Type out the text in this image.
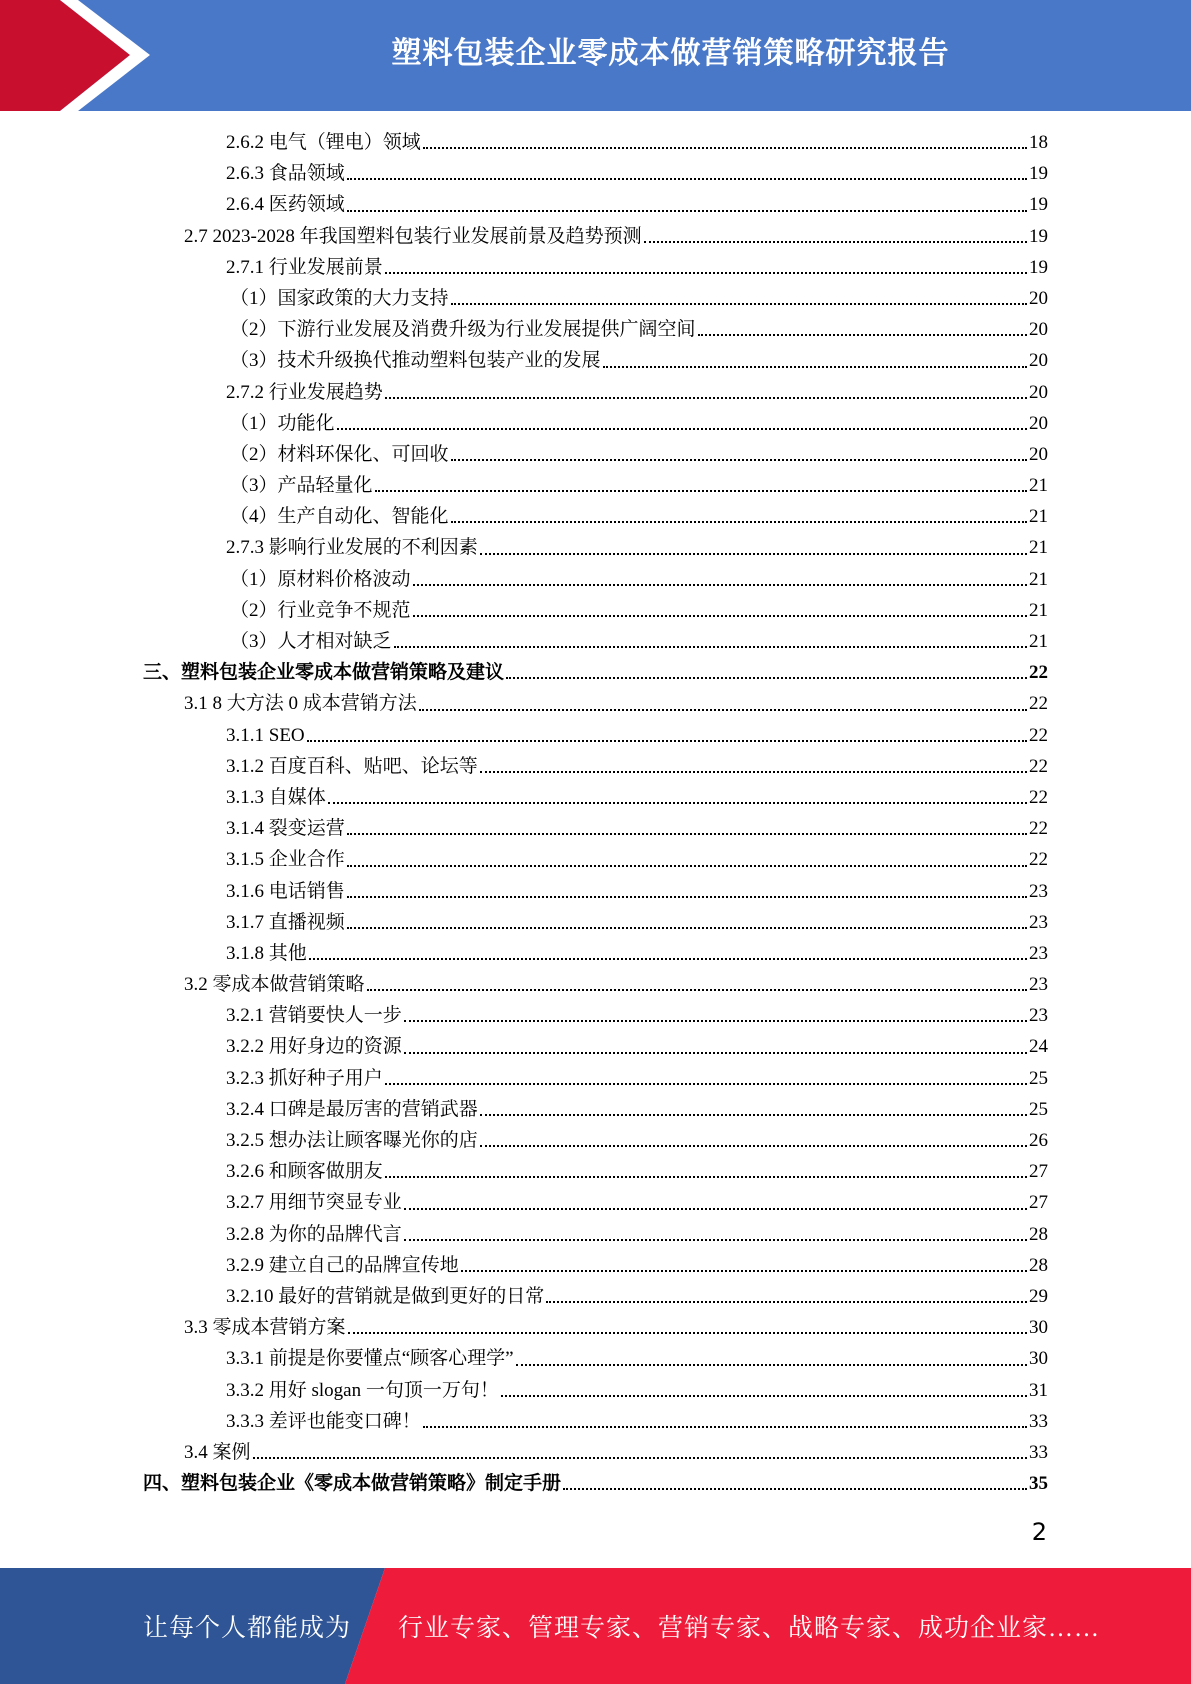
塑料包装企业零成本做营销策略研究报告
2.6.2 电气（锂电）领域	18
2.6.3 食品领域	19
2.6.4 医药领域	19
2.7 2023-2028 年我国塑料包装行业发展前景及趋势预测	19
2.7.1 行业发展前景	19
（1）国家政策的大力支持	20
（2）下游行业发展及消费升级为行业发展提供广阔空间	20
（3）技术升级换代推动塑料包装产业的发展	20
2.7.2 行业发展趋势	20
（1）功能化	20
（2）材料环保化、可回收	20
（3）产品轻量化	21
（4）生产自动化、智能化	21
2.7.3 影响行业发展的不利因素	21
（1）原材料价格波动	21
（2）行业竞争不规范	21
（3）人才相对缺乏	21
三、塑料包装企业零成本做营销策略及建议	22
3.1 8 大方法 0 成本营销方法	22
3.1.1 SEO	22
3.1.2 百度百科、贴吧、论坛等	22
3.1.3 自媒体	22
3.1.4 裂变运营	22
3.1.5 企业合作	22
3.1.6 电话销售	23
3.1.7 直播视频	23
3.1.8 其他	23
3.2 零成本做营销策略	23
3.2.1 营销要快人一步	23
3.2.2 用好身边的资源	24
3.2.3 抓好种子用户	25
3.2.4 口碑是最厉害的营销武器	25
3.2.5 想办法让顾客曝光你的店	26
3.2.6 和顾客做朋友	27
3.2.7 用细节突显专业	27
3.2.8 为你的品牌代言	28
3.2.9 建立自己的品牌宣传地	28
3.2.10 最好的营销就是做到更好的日常	29
3.3 零成本营销方案	30
3.3.1 前提是你要懂点“顾客心理学”	30
3.3.2 用好 slogan 一句顶一万句！	31
3.3.3 差评也能变口碑！	33
3.4 案例	33
四、塑料包装企业《零成本做营销策略》制定手册	35
2
让每个人都能成为 行业专家、管理专家、营销专家、战略专家、成功企业家……
